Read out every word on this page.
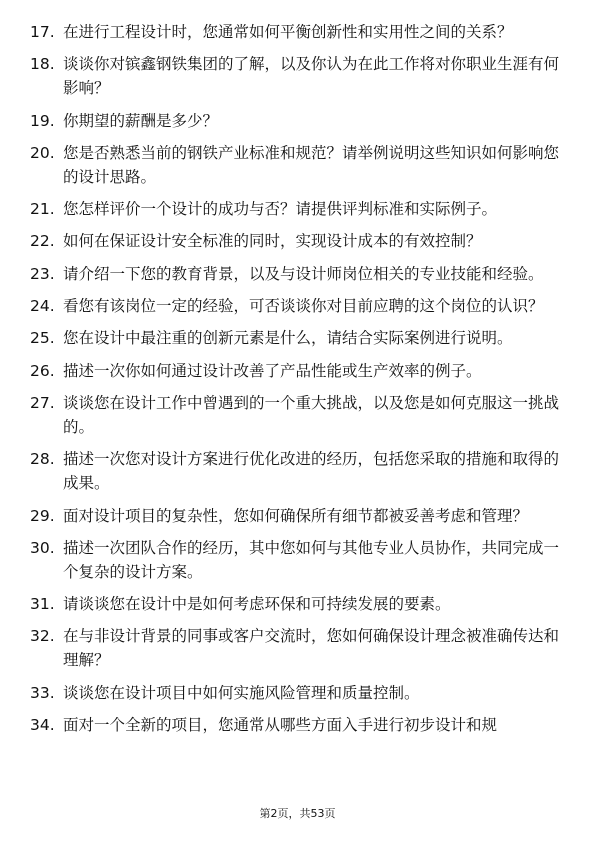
17. 在进行工程设计时，您通常如何平衡创新性和实用性之间的关系？
18. 谈谈你对镔鑫钢铁集团的了解，以及你认为在此工作将对你职业生涯有何影响？
19. 你期望的薪酬是多少？
20. 您是否熟悉当前的钢铁产业标准和规范？请举例说明这些知识如何影响您的设计思路。
21. 您怎样评价一个设计的成功与否？请提供评判标准和实际例子。
22. 如何在保证设计安全标准的同时，实现设计成本的有效控制？
23. 请介绍一下您的教育背景，以及与设计师岗位相关的专业技能和经验。
24. 看您有该岗位一定的经验，可否谈谈你对目前应聘的这个岗位的认识？
25. 您在设计中最注重的创新元素是什么，请结合实际案例进行说明。
26. 描述一次你如何通过设计改善了产品性能或生产效率的例子。
27. 谈谈您在设计工作中曾遇到的一个重大挑战，以及您是如何克服这一挑战的。
28. 描述一次您对设计方案进行优化改进的经历，包括您采取的措施和取得的成果。
29. 面对设计项目的复杂性，您如何确保所有细节都被妥善考虑和管理？
30. 描述一次团队合作的经历，其中您如何与其他专业人员协作，共同完成一个复杂的设计方案。
31. 请谈谈您在设计中是如何考虑环保和可持续发展的要素。
32. 在与非设计背景的同事或客户交流时，您如何确保设计理念被准确传达和理解？
33. 谈谈您在设计项目中如何实施风险管理和质量控制。
34. 面对一个全新的项目，您通常从哪些方面入手进行初步设计和规
第2页，共53页
